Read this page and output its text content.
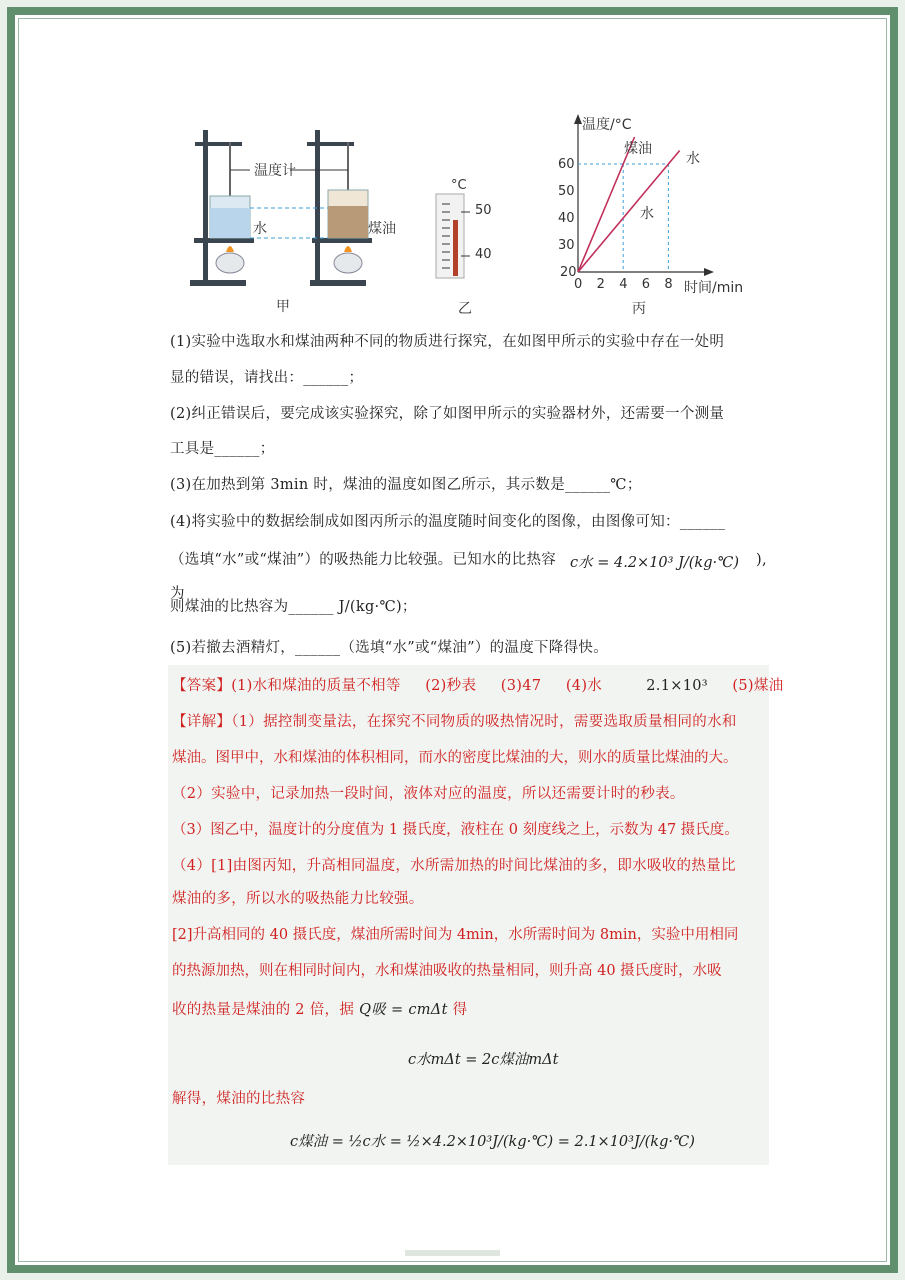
0 2 4 6 8
20
30
40
50
60
温度计
水	煤油
°C
50
40
温度/°C
时间/min
煤油
水
水
甲	乙	丙
(1)实验中选取水和煤油两种不同的物质进行探究，在如图甲所示的实验中存在一处明
显的错误，请找出：______；
(2)纠正错误后，要完成该实验探究，除了如图甲所示的实验器材外，还需要一个测量
工具是______；
(3)在加热到第 3min 时，煤油的温度如图乙所示，其示数是______℃；
(4)将实验中的数据绘制成如图丙所示的温度随时间变化的图像，由图像可知：______
（选填“水”或“煤油”）的吸热能力比较强。已知水的比热容为
c水 = 4.2×10³ J/(kg·℃) ),
则煤油的比热容为______ J/(kg·℃)；
(5)若撤去酒精灯，______（选填“水”或“煤油”）的温度下降得快。
【答案】(1)水和煤油的质量不相等 (2)秒表 (3)47 (4)水	2.1×10³ (5)煤油
【详解】（1）据控制变量法，在探究不同物质的吸热情况时，需要选取质量相同的水和
煤油。图甲中，水和煤油的体积相同，而水的密度比煤油的大，则水的质量比煤油的大。
（2）实验中，记录加热一段时间，液体对应的温度，所以还需要计时的秒表。
（3）图乙中，温度计的分度值为 1 摄氏度，液柱在 0 刻度线之上，示数为 47 摄氏度。
（4）[1]由图丙知，升高相同温度，水所需加热的时间比煤油的多，即水吸收的热量比
煤油的多，所以水的吸热能力比较强。
[2]升高相同的 40 摄氏度，煤油所需时间为 4min，水所需时间为 8min，实验中用相同
的热源加热，则在相同时间内，水和煤油吸收的热量相同，则升高 40 摄氏度时，水吸
收的热量是煤油的 2 倍，据 Q吸 = cmΔt 得
c水mΔt = 2c煤油mΔt
解得，煤油的比热容
c煤油 = ½c水 = ½×4.2×10³J/(kg·℃) = 2.1×10³J/(kg·℃)
